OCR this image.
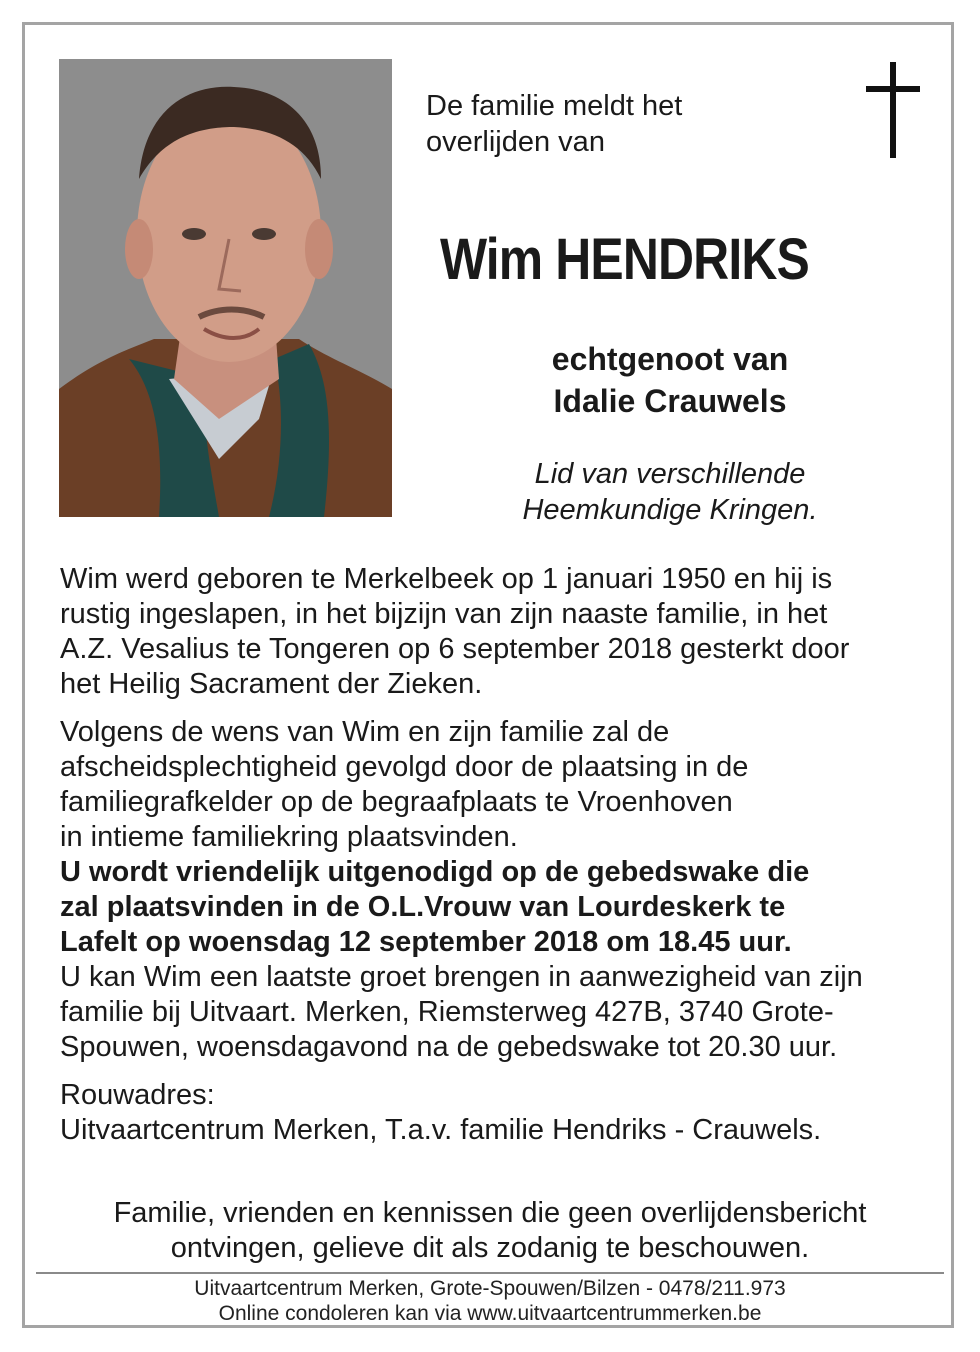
De familie meldt het
overlijden van
Wim HENDRIKS
echtgenoot van
Idalie Crauwels
Lid van verschillende
Heemkundige Kringen.

Wim werd geboren te Merkelbeek op 1 januari 1950 en hij is

rustig ingeslapen, in het bijzijn van zijn naaste familie, in het

A.Z. Vesalius te Tongeren op 6 september 2018 gesterkt door

het Heilig Sacrament der Zieken.

Volgens de wens van Wim en zijn familie zal de

afscheidsplechtigheid gevolgd door de plaatsing in de

familiegrafkelder op de begraafplaats te Vroenhoven

in intieme familiekring plaatsvinden.

U wordt vriendelijk uitgenodigd op de gebedswake die

zal plaatsvinden in de O.L.Vrouw van Lourdeskerk te

Lafelt op woensdag 12 september 2018 om 18.45 uur.

U kan Wim een laatste groet brengen in aanwezigheid van zijn

familie bij Uitvaart. Merken, Riemsterweg 427B, 3740 Grote-

Spouwen, woensdagavond na de gebedswake tot 20.30 uur.

Rouwadres:

Uitvaartcentrum Merken, T.a.v. familie Hendriks - Crauwels.

Familie, vrienden en kennissen die geen overlijdensbericht
ontvingen, gelieve dit als zodanig te beschouwen.
Uitvaartcentrum Merken, Grote-Spouwen/Bilzen - 0478/211.973
Online condoleren kan via www.uitvaartcentrummerken.be
